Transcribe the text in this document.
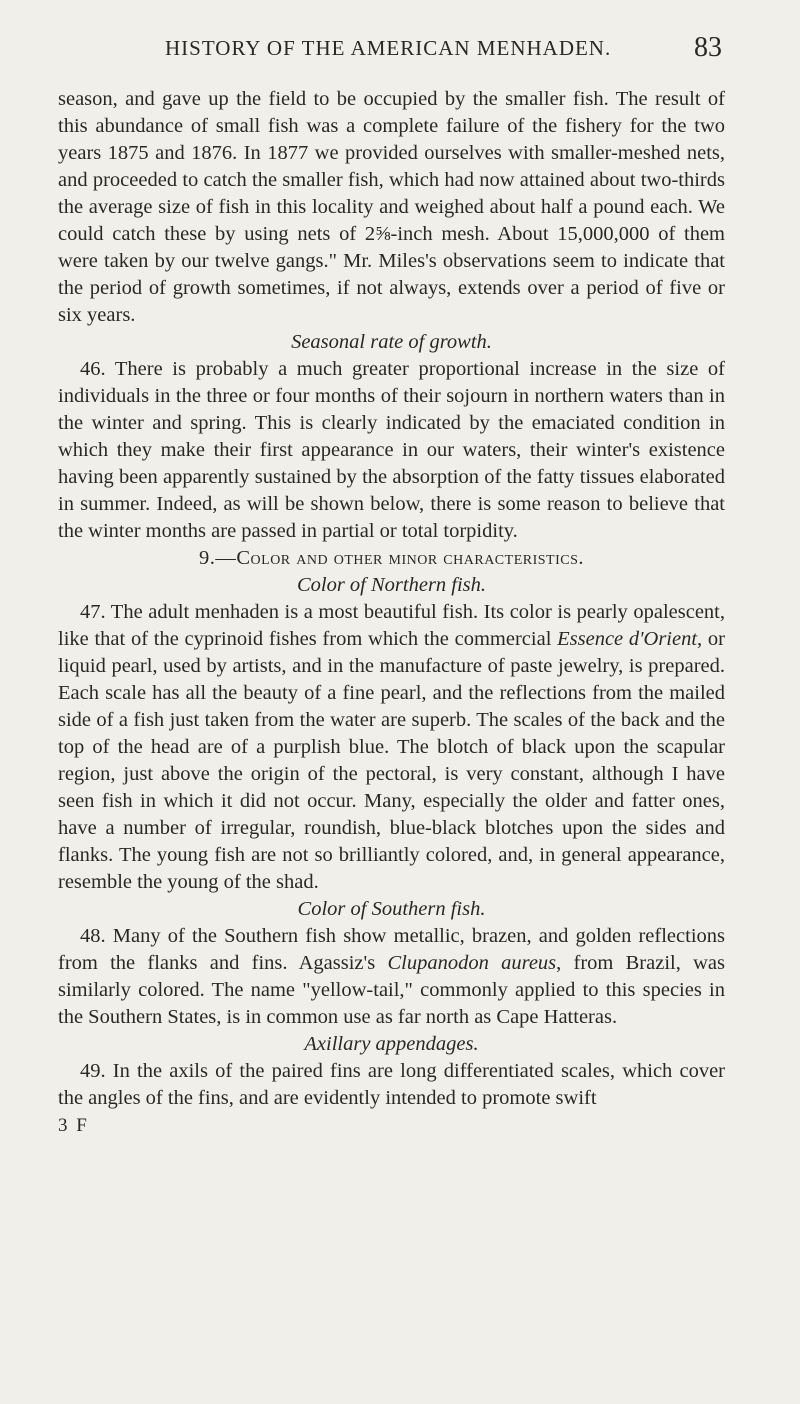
HISTORY OF THE AMERICAN MENHADEN.	83

season, and gave up the field to be occupied by the smaller fish. The result of this abundance of small fish was a complete failure of the fishery for the two years 1875 and 1876. In 1877 we provided ourselves with smaller-meshed nets, and proceeded to catch the smaller fish, which had now attained about two-thirds the average size of fish in this locality and weighed about half a pound each. We could catch these by using nets of 2⅝-inch mesh. About 15,000,000 of them were taken by our twelve gangs." Mr. Miles's observations seem to indicate that the period of growth sometimes, if not always, extends over a period of five or six years.

Seasonal rate of growth.

46. There is probably a much greater proportional increase in the size of individuals in the three or four months of their sojourn in northern waters than in the winter and spring. This is clearly indicated by the emaciated condition in which they make their first appearance in our waters, their winter's existence having been apparently sustained by the absorption of the fatty tissues elaborated in summer. Indeed, as will be shown below, there is some reason to believe that the winter months are passed in partial or total torpidity.

9.—Color and other minor characteristics.

Color of Northern fish.

47. The adult menhaden is a most beautiful fish. Its color is pearly opalescent, like that of the cyprinoid fishes from which the commercial Essence d'Orient, or liquid pearl, used by artists, and in the manufacture of paste jewelry, is prepared. Each scale has all the beauty of a fine pearl, and the reflections from the mailed side of a fish just taken from the water are superb. The scales of the back and the top of the head are of a purplish blue. The blotch of black upon the scapular region, just above the origin of the pectoral, is very constant, although I have seen fish in which it did not occur. Many, especially the older and fatter ones, have a number of irregular, roundish, blue-black blotches upon the sides and flanks. The young fish are not so brilliantly colored, and, in general appearance, resemble the young of the shad.

Color of Southern fish.

48. Many of the Southern fish show metallic, brazen, and golden reflections from the flanks and fins. Agassiz's Clupanodon aureus, from Brazil, was similarly colored. The name "yellow-tail," commonly applied to this species in the Southern States, is in common use as far north as Cape Hatteras.

Axillary appendages.

49. In the axils of the paired fins are long differentiated scales, which cover the angles of the fins, and are evidently intended to promote swift

3 F
